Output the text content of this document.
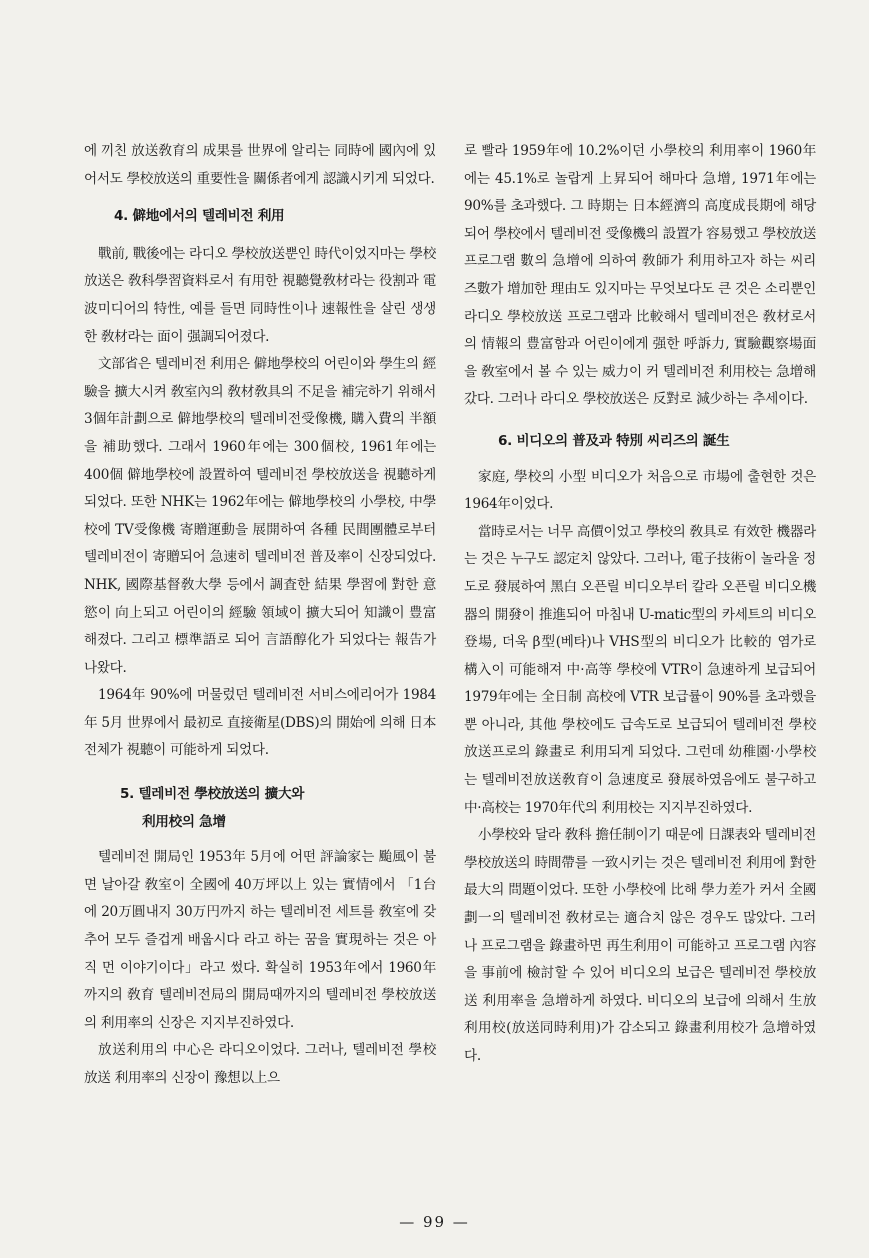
에 끼친 放送敎育의 成果를 世界에 알리는 同時에 國內에 있어서도 學校放送의 重要性을 關係者에게 認識시키게 되었다.

4. 僻地에서의 텔레비전 利用

戰前, 戰後에는 라디오 學校放送뿐인 時代이었지마는 學校放送은 敎科學習資料로서 有用한 視聽覺敎材라는 役割과 電波미디어의 特性, 예를 들면 同時性이나 速報性을 살린 생생한 敎材라는 面이 强調되어졌다.

文部省은 텔레비전 利用은 僻地學校의 어린이와 學生의 經驗을 擴大시켜 敎室內의 敎材敎具의 不足을 補完하기 위해서 3個年計劃으로 僻地學校의 텔레비전受像機, 購入費의 半額을 補助했다. 그래서 1960年에는 300個校, 1961年에는 400個 僻地學校에 設置하여 텔레비전 學校放送을 視聽하게 되었다. 또한 NHK는 1962年에는 僻地學校의 小學校, 中學校에 TV受像機 寄贈運動을 展開하여 各種 民間團體로부터 텔레비전이 寄贈되어 急速히 텔레비전 普及率이 신장되었다. NHK, 國際基督敎大學 등에서 調査한 結果 學習에 對한 意慾이 向上되고 어린이의 經驗 領域이 擴大되어 知識이 豊富해졌다. 그리고 標準語로 되어 言語醇化가 되었다는 報告가 나왔다.

1964年 90%에 머물렀던 텔레비전 서비스에리어가 1984年 5月 世界에서 最初로 直接衛星(DBS)의 開始에 의해 日本 전체가 視聽이 可能하게 되었다.

5. 텔레비전 學校放送의 擴大와
利用校의 急增

텔레비전 開局인 1953年 5月에 어떤 評論家는 颱風이 불면 날아갈 敎室이 全國에 40万坪以上 있는 實情에서 「1台에 20万圓내지 30万円까지 하는 텔레비전 세트를 敎室에 갖추어 모두 즐겁게 배웁시다 라고 하는 꿈을 實現하는 것은 아직 먼 이야기이다」라고 썼다. 확실히 1953年에서 1960年까지의 敎育 텔레비전局의 開局때까지의 텔레비전 學校放送의 利用率의 신장은 지지부진하였다.

放送利用의 中心은 라디오이었다. 그러나, 텔레비전 學校放送 利用率의 신장이 豫想以上으

로 빨라 1959年에 10.2%이던 小學校의 利用率이 1960年에는 45.1%로 놀랍게 上昇되어 해마다 急增, 1971年에는 90%를 초과했다. 그 時期는 日本經濟의 高度成長期에 해당되어 學校에서 텔레비전 受像機의 設置가 容易했고 學校放送프로그램 數의 急增에 의하여 敎師가 利用하고자 하는 씨리즈數가 增加한 理由도 있지마는 무엇보다도 큰 것은 소리뿐인 라디오 學校放送 프로그램과 比較해서 텔레비전은 敎材로서의 情報의 豊富함과 어린이에게 强한 呼訴力, 實驗觀察場面을 敎室에서 볼 수 있는 威力이 커 텔레비전 利用校는 急增해 갔다. 그러나 라디오 學校放送은 反對로 減少하는 추세이다.

6. 비디오의 普及과 特別 씨리즈의 誕生

家庭, 學校의 小型 비디오가 처음으로 市場에 출현한 것은 1964年이었다.

當時로서는 너무 高價이었고 學校의 敎具로 有效한 機器라는 것은 누구도 認定치 않았다. 그러나, 電子技術이 놀라울 정도로 發展하여 黑白 오픈릴 비디오부터 칼라 오픈릴 비디오機器의 開發이 推進되어 마침내 U-matic型의 카세트의 비디오 登場, 더욱 β型(베타)나 VHS型의 비디오가 比較的 염가로 構入이 可能해져 中·高等 學校에 VTR이 急速하게 보급되어 1979年에는 全日制 高校에 VTR 보급률이 90%를 초과했을 뿐 아니라, 其他 學校에도 급속도로 보급되어 텔레비전 學校放送프로의 錄畫로 利用되게 되었다. 그런데 幼稚園·小學校는 텔레비전放送敎育이 急速度로 發展하였음에도 불구하고 中·高校는 1970年代의 利用校는 지지부진하였다.

小學校와 달라 敎科 擔任制이기 때문에 日課表와 텔레비전 學校放送의 時間帶를 一致시키는 것은 텔레비전 利用에 對한 最大의 問題이었다. 또한 小學校에 比해 學力差가 커서 全國劃一의 텔레비전 敎材로는 適合치 않은 경우도 많았다. 그러나 프로그램을 錄畫하면 再生利用이 可能하고 프로그램 內容을 事前에 檢討할 수 있어 비디오의 보급은 텔레비전 學校放送 利用率을 急增하게 하였다. 비디오의 보급에 의해서 生放利用校(放送同時利用)가 감소되고 錄畫利用校가 急增하였다.

— 99 —
